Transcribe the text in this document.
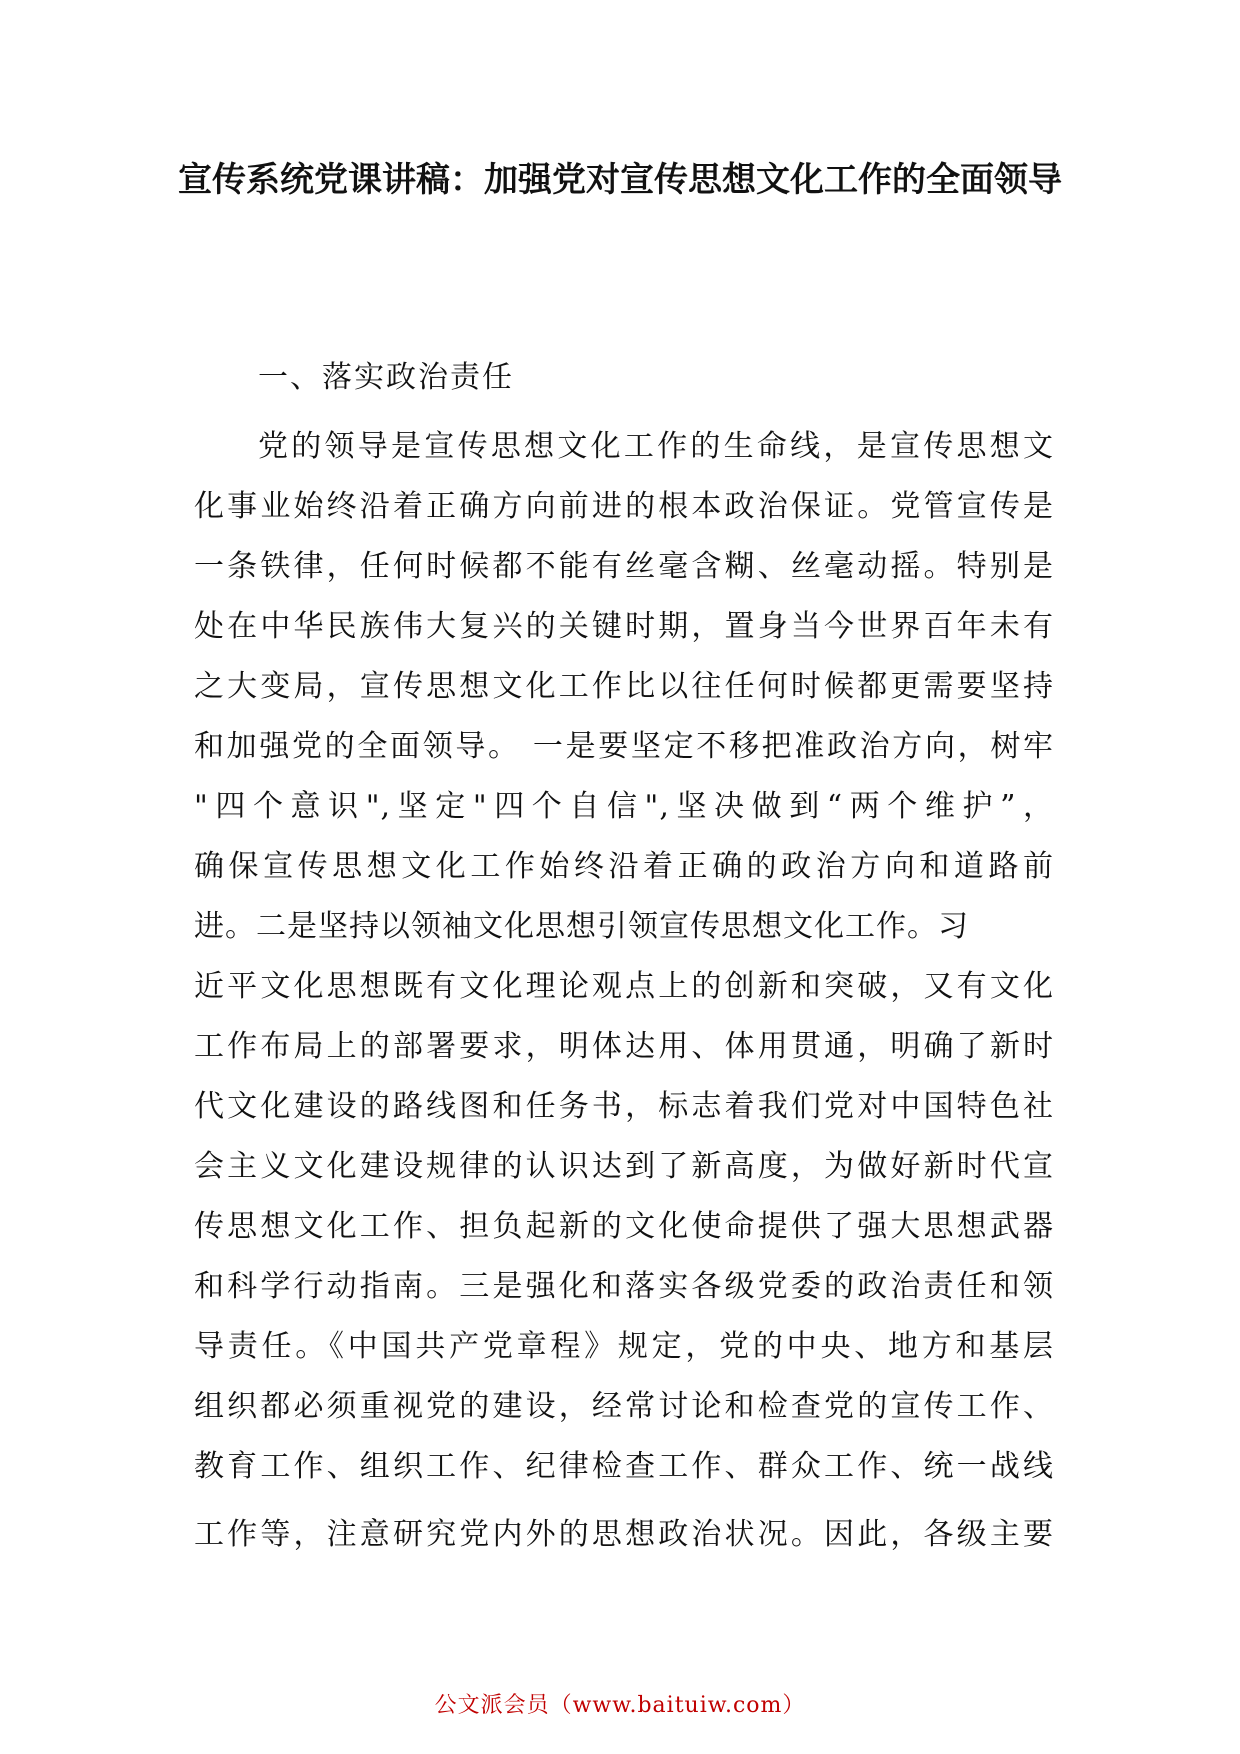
宣传系统党课讲稿：加强党对宣传思想文化工作的全面领导
一、落实政治责任
党的领导是宣传思想文化工作的生命线，是宣传思想文
化事业始终沿着正确方向前进的根本政治保证。党管宣传是
一条铁律，任何时候都不能有丝毫含糊、丝毫动摇。特别是
处在中华民族伟大复兴的关键时期，置身当今世界百年未有
之大变局，宣传思想文化工作比以往任何时候都更需要坚持
和加强党的全面领导。 一是要坚定不移把准政治方向，树牢
"四个意识",坚定"四个自信",坚决做到“两个维护”，
确保宣传思想文化工作始终沿着正确的政治方向和道路前
进。二是坚持以领袖文化思想引领宣传思想文化工作。习
近平文化思想既有文化理论观点上的创新和突破，又有文化
工作布局上的部署要求，明体达用、体用贯通，明确了新时
代文化建设的路线图和任务书，标志着我们党对中国特色社
会主义文化建设规律的认识达到了新高度，为做好新时代宣
传思想文化工作、担负起新的文化使命提供了强大思想武器
和科学行动指南。三是强化和落实各级党委的政治责任和领
导责任。《中国共产党章程》规定，党的中央、地方和基层
组织都必须重视党的建设，经常讨论和检查党的宣传工作、
教育工作、组织工作、纪律检查工作、群众工作、统一战线
工作等，注意研究党内外的思想政治状况。因此，各级主要
公文派会员（www.baituiw.com）
